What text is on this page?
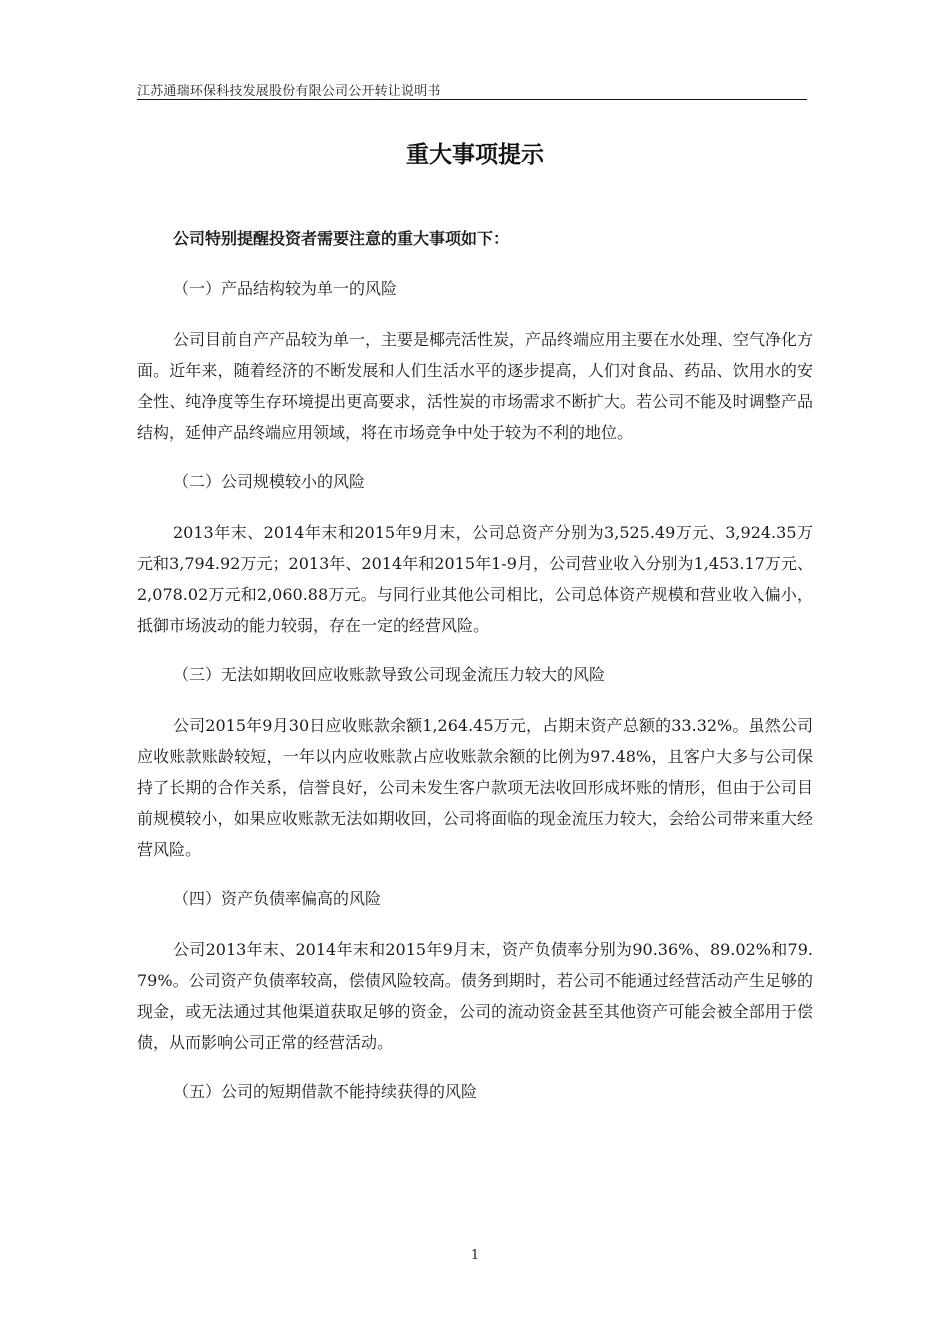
江苏通瑞环保科技发展股份有限公司公开转让说明书
重大事项提示

公司特别提醒投资者需要注意的重大事项如下：

（一）产品结构较为单一的风险

公司目前自产产品较为单一，主要是椰壳活性炭，产品终端应用主要在水处理、空气净化方面。近年来，随着经济的不断发展和人们生活水平的逐步提高，人们对食品、药品、饮用水的安全性、纯净度等生存环境提出更高要求，活性炭的市场需求不断扩大。若公司不能及时调整产品结构，延伸产品终端应用领域，将在市场竞争中处于较为不利的地位。

（二）公司规模较小的风险

2013年末、2014年末和2015年9月末，公司总资产分别为3,525.49万元、3,924.35万元和3,794.92万元；2013年、2014年和2015年1-9月，公司营业收入分别为1,453.17万元、2,078.02万元和2,060.88万元。与同行业其他公司相比，公司总体资产规模和营业收入偏小，抵御市场波动的能力较弱，存在一定的经营风险。

（三）无法如期收回应收账款导致公司现金流压力较大的风险

公司2015年9月30日应收账款余额1,264.45万元，占期末资产总额的33.32%。虽然公司应收账款账龄较短，一年以内应收账款占应收账款余额的比例为97.48%，且客户大多与公司保持了长期的合作关系，信誉良好，公司未发生客户款项无法收回形成坏账的情形，但由于公司目前规模较小，如果应收账款无法如期收回，公司将面临的现金流压力较大，会给公司带来重大经营风险。

（四）资产负债率偏高的风险

公司2013年末、2014年末和2015年9月末，资产负债率分别为90.36%、89.02%和79.79%。公司资产负债率较高，偿债风险较高。债务到期时，若公司不能通过经营活动产生足够的现金，或无法通过其他渠道获取足够的资金，公司的流动资金甚至其他资产可能会被全部用于偿债，从而影响公司正常的经营活动。

（五）公司的短期借款不能持续获得的风险

1
